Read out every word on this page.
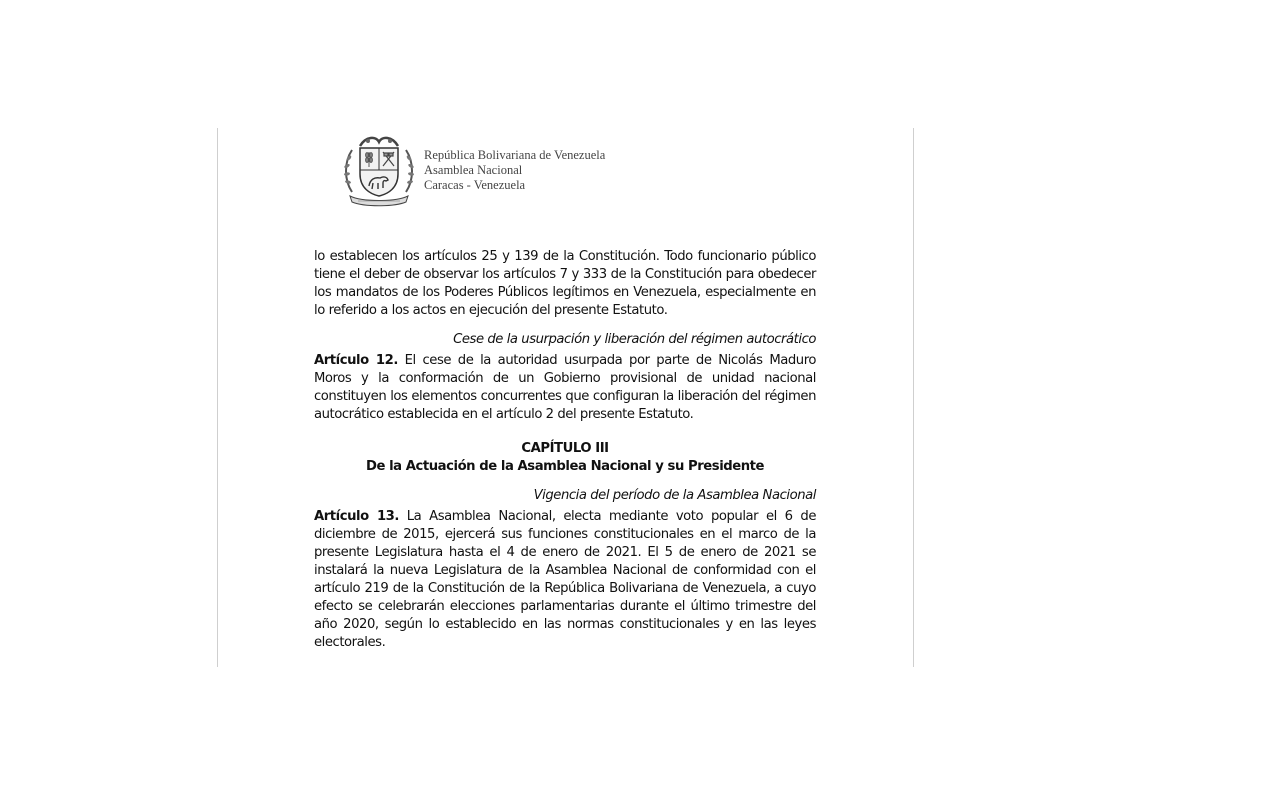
República Bolivariana de Venezuela
Asamblea Nacional
Caracas - Venezuela

lo establecen los artículos 25 y 139 de la Constitución. Todo funcionario público tiene el deber de observar los artículos 7 y 333 de la Constitución para obedecer los mandatos de los Poderes Públicos legítimos en Venezuela, especialmente en lo referido a los actos en ejecución del presente Estatuto.

Cese de la usurpación y liberación del régimen autocrático

Artículo 12. El cese de la autoridad usurpada por parte de Nicolás Maduro Moros y la conformación de un Gobierno provisional de unidad nacional constituyen los elementos concurrentes que configuran la liberación del régimen autocrático establecida en el artículo 2 del presente Estatuto.

CAPÍTULO III
De la Actuación de la Asamblea Nacional y su Presidente
Vigencia del período de la Asamblea Nacional

Artículo 13. La Asamblea Nacional, electa mediante voto popular el 6 de diciembre de 2015, ejercerá sus funciones constitucionales en el marco de la presente Legislatura hasta el 4 de enero de 2021. El 5 de enero de 2021 se instalará la nueva Legislatura de la Asamblea Nacional de conformidad con el artículo 219 de la Constitución de la República Bolivariana de Venezuela, a cuyo efecto se celebrarán elecciones parlamentarias durante el último trimestre del año 2020, según lo establecido en las normas constitucionales y en las leyes electorales.
